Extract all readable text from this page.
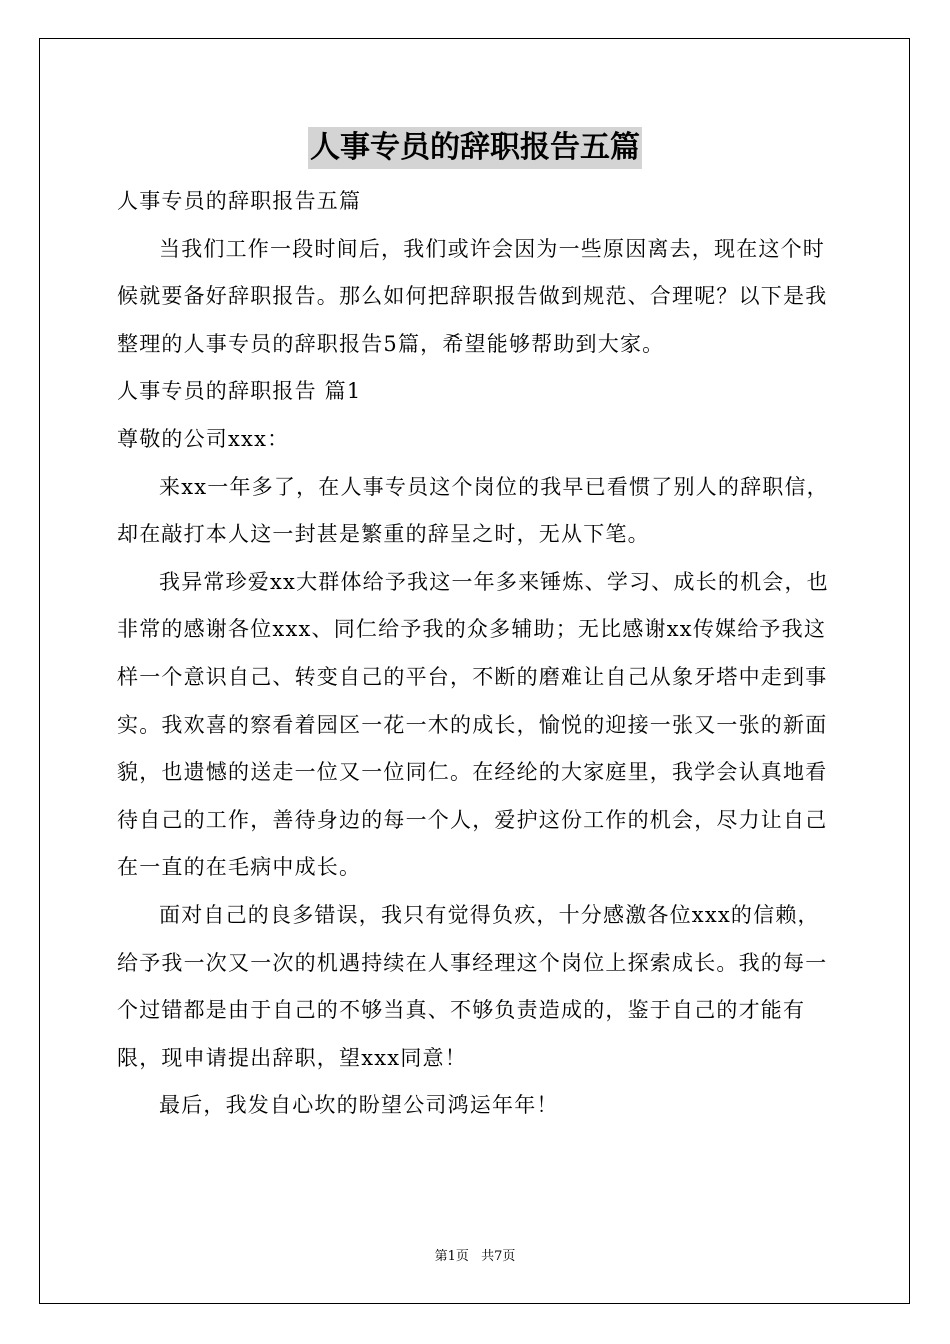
人事专员的辞职报告五篇

人事专员的辞职报告五篇

当我们工作一段时间后，我们或许会因为一些原因离去，现在这个时候就要备好辞职报告。那么如何把辞职报告做到规范、合理呢？以下是我整理的人事专员的辞职报告5篇，希望能够帮助到大家。

人事专员的辞职报告 篇1

尊敬的公司xxx：

来xx一年多了，在人事专员这个岗位的我早已看惯了别人的辞职信，却在敲打本人这一封甚是繁重的辞呈之时，无从下笔。

我异常珍爱xx大群体给予我这一年多来锤炼、学习、成长的机会，也非常的感谢各位xxx、同仁给予我的众多辅助；无比感谢xx传媒给予我这样一个意识自己、转变自己的平台，不断的磨难让自己从象牙塔中走到事实。我欢喜的察看着园区一花一木的成长，愉悦的迎接一张又一张的新面貌，也遗憾的送走一位又一位同仁。在经纶的大家庭里，我学会认真地看待自己的工作，善待身边的每一个人，爱护这份工作的机会，尽力让自己在一直的在毛病中成长。

面对自己的良多错误，我只有觉得负疚，十分感激各位xxx的信赖，给予我一次又一次的机遇持续在人事经理这个岗位上探索成长。我的每一个过错都是由于自己的不够当真、不够负责造成的，鉴于自己的才能有限，现申请提出辞职，望xxx同意！

最后，我发自心坎的盼望公司鸿运年年！

第1页 共7页
